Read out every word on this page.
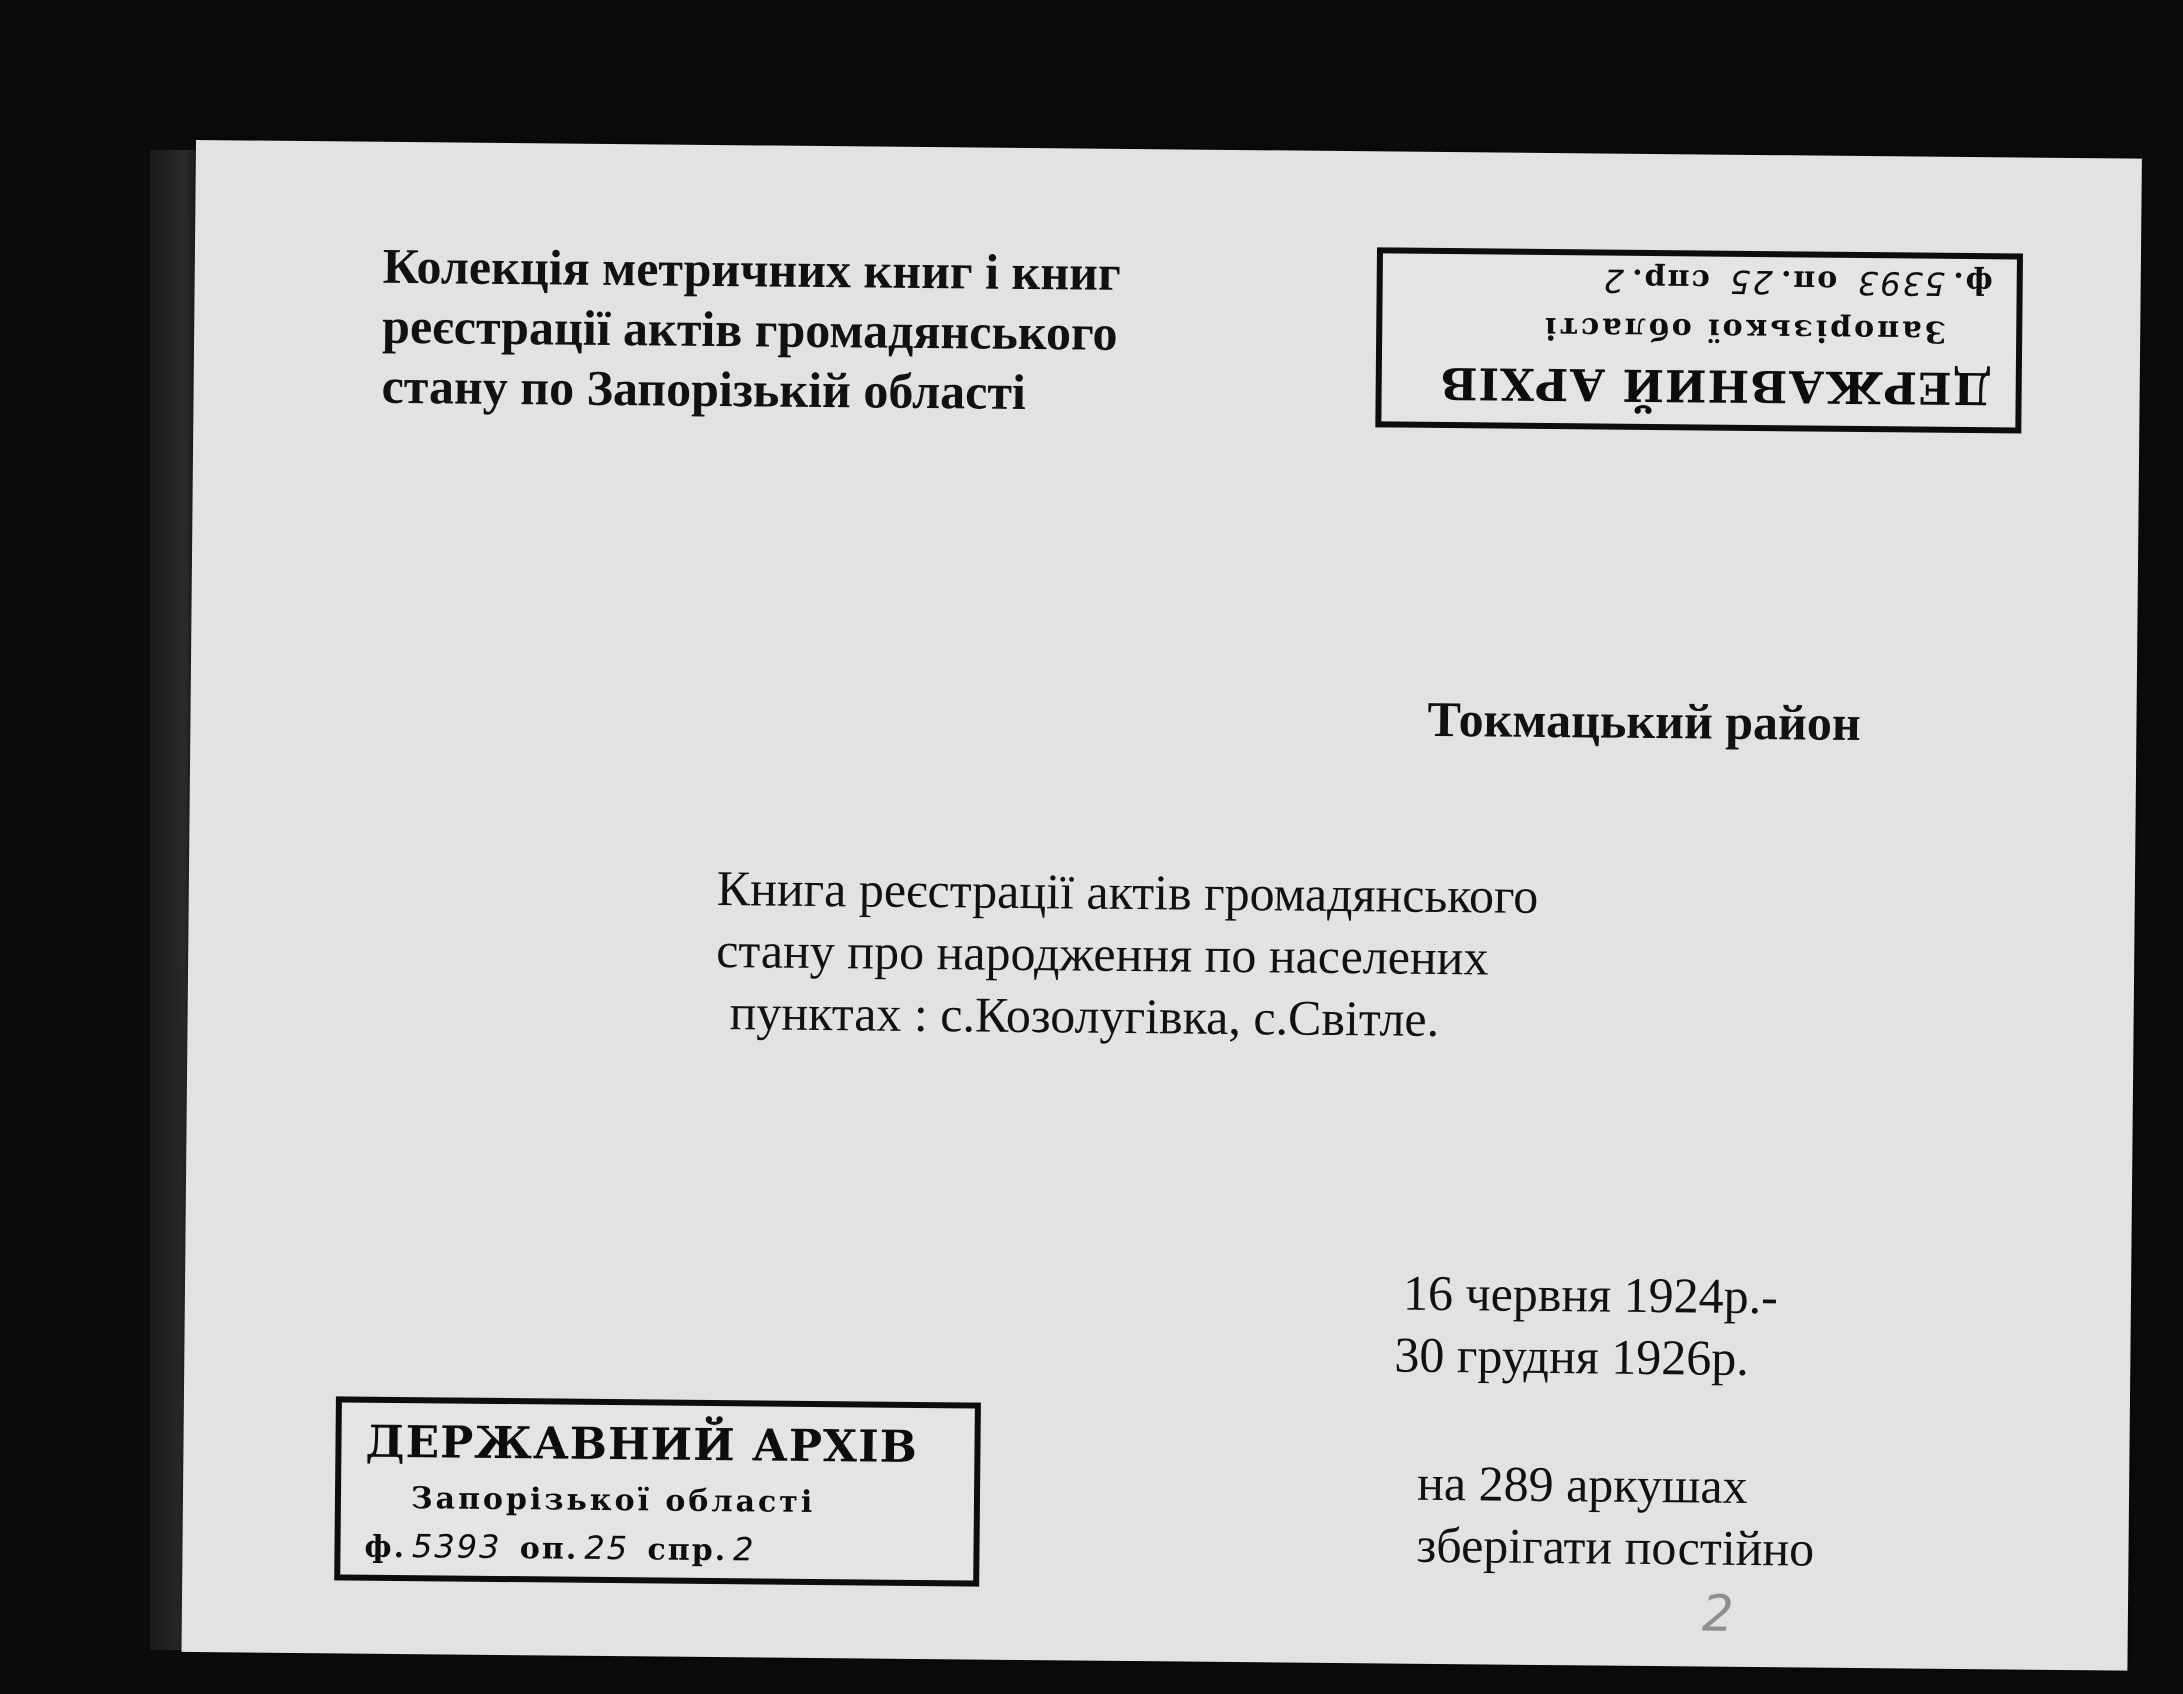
Колекція метричних книг і книг
реєстрації актів громадянського
стану по Запорізькій області	ДЕРЖАВНИЙ АРХІВ
Запорізької області
ф.5393 оп.25 спр.2
Токмацький район
Книга реєстрації актів громадянського
стану про народження по населених
пунктах : с.Козолугівка, с.Світле.
16 червня 1924р.-
30 грудня 1926р.
на 289 аркушах
зберігати постійно
ДЕРЖАВНИЙ АРХІВ
Запорізької області
ф. 5393 оп. 25 спр. 2
2
